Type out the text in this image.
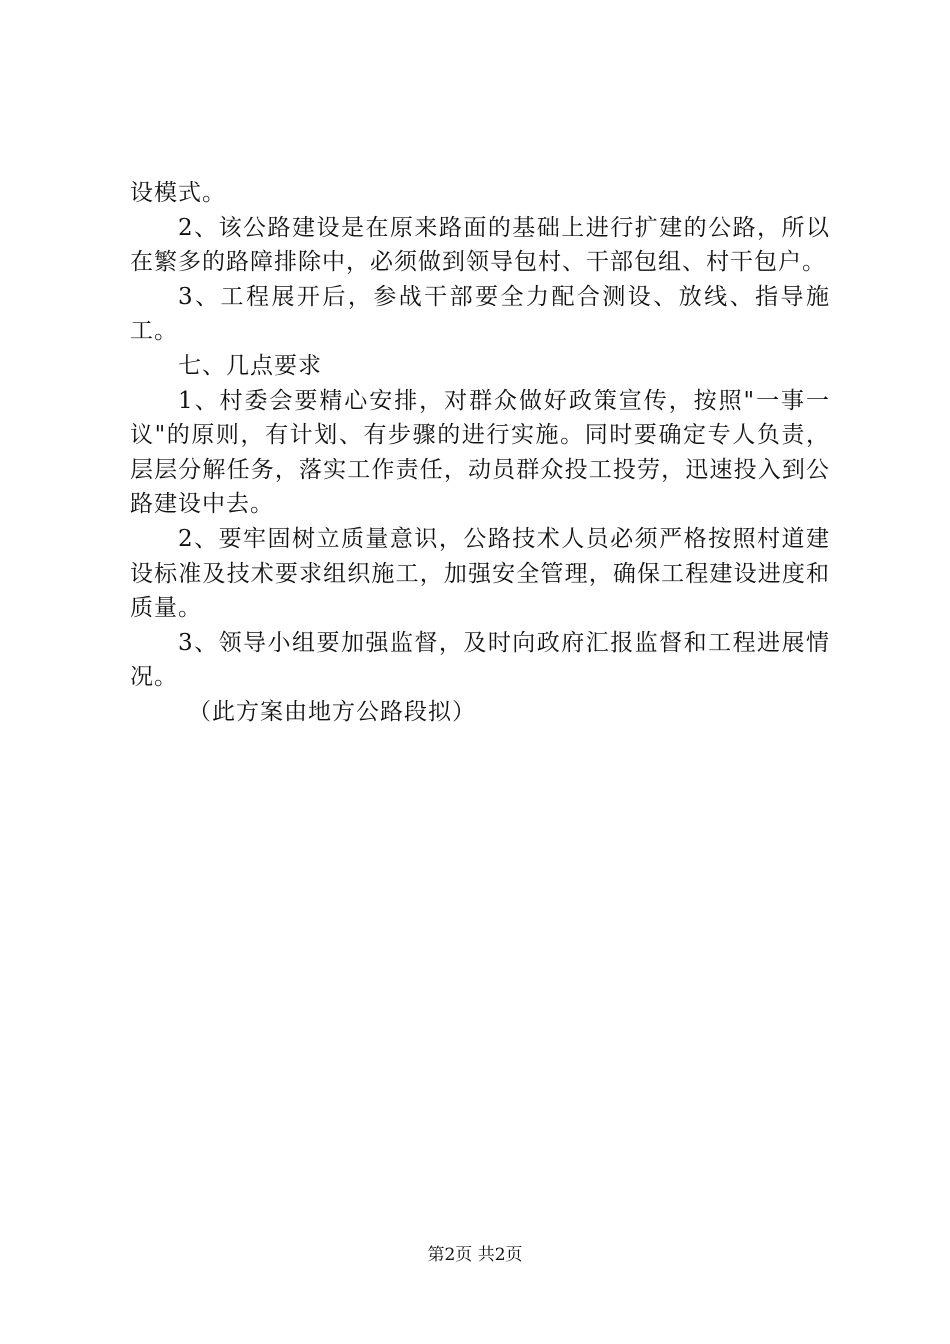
设模式。

2、该公路建设是在原来路面的基础上进行扩建的公路，所以在繁多的路障排除中，必须做到领导包村、干部包组、村干包户。

3、工程展开后，参战干部要全力配合测设、放线、指导施工。

七、几点要求

1、村委会要精心安排，对群众做好政策宣传，按照"一事一议"的原则，有计划、有步骤的进行实施。同时要确定专人负责，层层分解任务，落实工作责任，动员群众投工投劳，迅速投入到公路建设中去。

2、要牢固树立质量意识，公路技术人员必须严格按照村道建设标准及技术要求组织施工，加强安全管理，确保工程建设进度和质量。

3、领导小组要加强监督，及时向政府汇报监督和工程进展情况。

（此方案由地方公路段拟）

第2页 共2页
